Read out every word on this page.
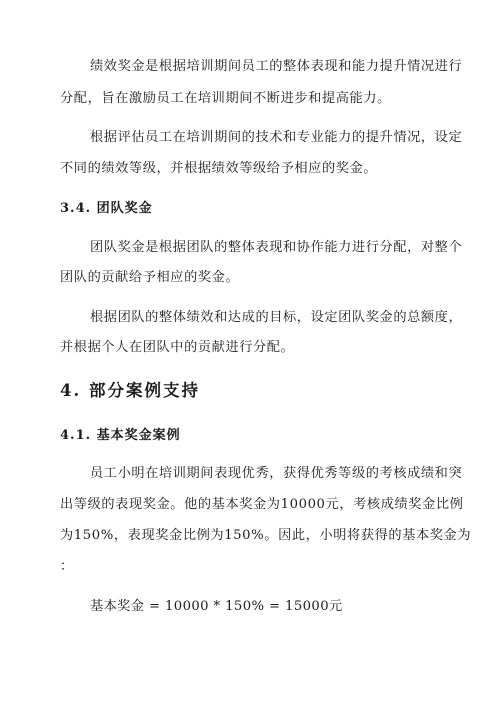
绩效奖金是根据培训期间员工的整体表现和能力提升情况进行
分配，旨在激励员工在培训期间不断进步和提高能力。
根据评估员工在培训期间的技术和专业能力的提升情况，设定
不同的绩效等级，并根据绩效等级给予相应的奖金。
3.4. 团队奖金
团队奖金是根据团队的整体表现和协作能力进行分配，对整个
团队的贡献给予相应的奖金。
根据团队的整体绩效和达成的目标，设定团队奖金的总额度，
并根据个人在团队中的贡献进行分配。
4. 部分案例支持
4.1. 基本奖金案例
员工小明在培训期间表现优秀，获得优秀等级的考核成绩和突
出等级的表现奖金。他的基本奖金为10000元，考核成绩奖金比例
为150%，表现奖金比例为150%。因此，小明将获得的基本奖金为
：
基本奖金 = 10000 * 150% = 15000元
